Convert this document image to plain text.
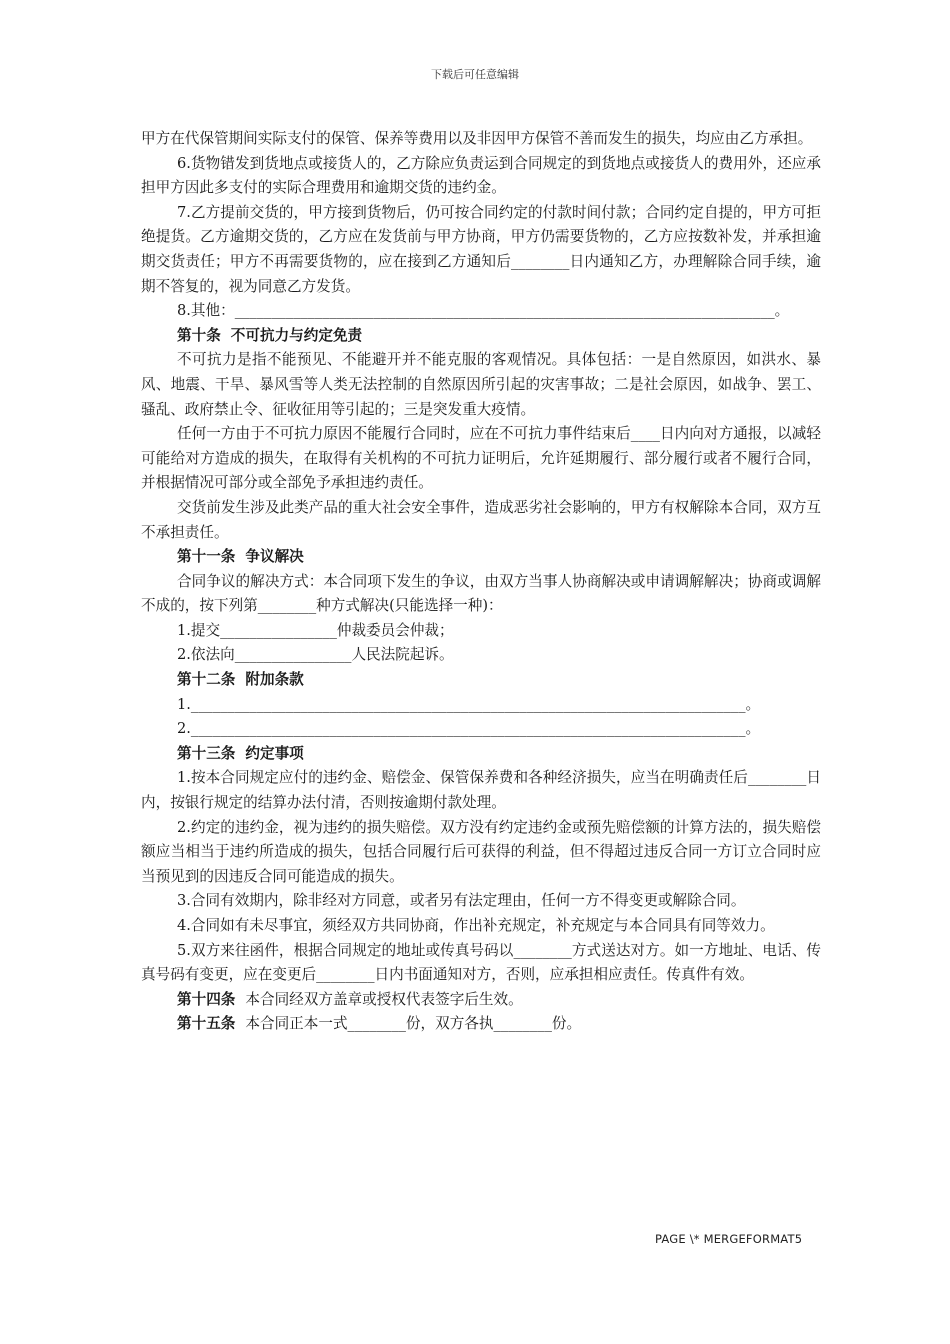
下载后可任意编辑

甲方在代保管期间实际支付的保管、保养等费用以及非因甲方保管不善而发生的损失，均应由乙方承担。

6.货物错发到货地点或接货人的，乙方除应负责运到合同规定的到货地点或接货人的费用外，还应承担甲方因此多支付的实际合理费用和逾期交货的违约金。

7.乙方提前交货的，甲方接到货物后，仍可按合同约定的付款时间付款；合同约定自提的，甲方可拒绝提货。乙方逾期交货的，乙方应在发货前与甲方协商，甲方仍需要货物的，乙方应按数补发，并承担逾期交货责任；甲方不再需要货物的，应在接到乙方通知后________日内通知乙方，办理解除合同手续，逾期不答复的，视为同意乙方发货。

8.其他：__________________________________________________________________________。

第十条 不可抗力与约定免责

不可抗力是指不能预见、不能避开并不能克服的客观情况。具体包括：一是自然原因，如洪水、暴风、地震、干旱、暴风雪等人类无法控制的自然原因所引起的灾害事故；二是社会原因，如战争、罢工、骚乱、政府禁止令、征收征用等引起的；三是突发重大疫情。

任何一方由于不可抗力原因不能履行合同时，应在不可抗力事件结束后____日内向对方通报，以减轻可能给对方造成的损失，在取得有关机构的不可抗力证明后，允许延期履行、部分履行或者不履行合同，并根据情况可部分或全部免予承担违约责任。

交货前发生涉及此类产品的重大社会安全事件，造成恶劣社会影响的，甲方有权解除本合同，双方互不承担责任。

第十一条 争议解决

合同争议的解决方式：本合同项下发生的争议，由双方当事人协商解决或申请调解解决；协商或调解不成的，按下列第________种方式解决(只能选择一种)：

1.提交________________仲裁委员会仲裁；

2.依法向________________人民法院起诉。

第十二条 附加条款

1.____________________________________________________________________________。

2.____________________________________________________________________________。

第十三条 约定事项

1.按本合同规定应付的违约金、赔偿金、保管保养费和各种经济损失，应当在明确责任后________日内，按银行规定的结算办法付清，否则按逾期付款处理。

2.约定的违约金，视为违约的损失赔偿。双方没有约定违约金或预先赔偿额的计算方法的，损失赔偿额应当相当于违约所造成的损失，包括合同履行后可获得的利益，但不得超过违反合同一方订立合同时应当预见到的因违反合同可能造成的损失。

3.合同有效期内，除非经对方同意，或者另有法定理由，任何一方不得变更或解除合同。

4.合同如有未尽事宜，须经双方共同协商，作出补充规定，补充规定与本合同具有同等效力。

5.双方来往函件，根据合同规定的地址或传真号码以________方式送达对方。如一方地址、电话、传真号码有变更，应在变更后________日内书面通知对方，否则，应承担相应责任。传真件有效。

第十四条 本合同经双方盖章或授权代表签字后生效。

第十五条 本合同正本一式________份，双方各执________份。

PAGE \* MERGEFORMAT5
